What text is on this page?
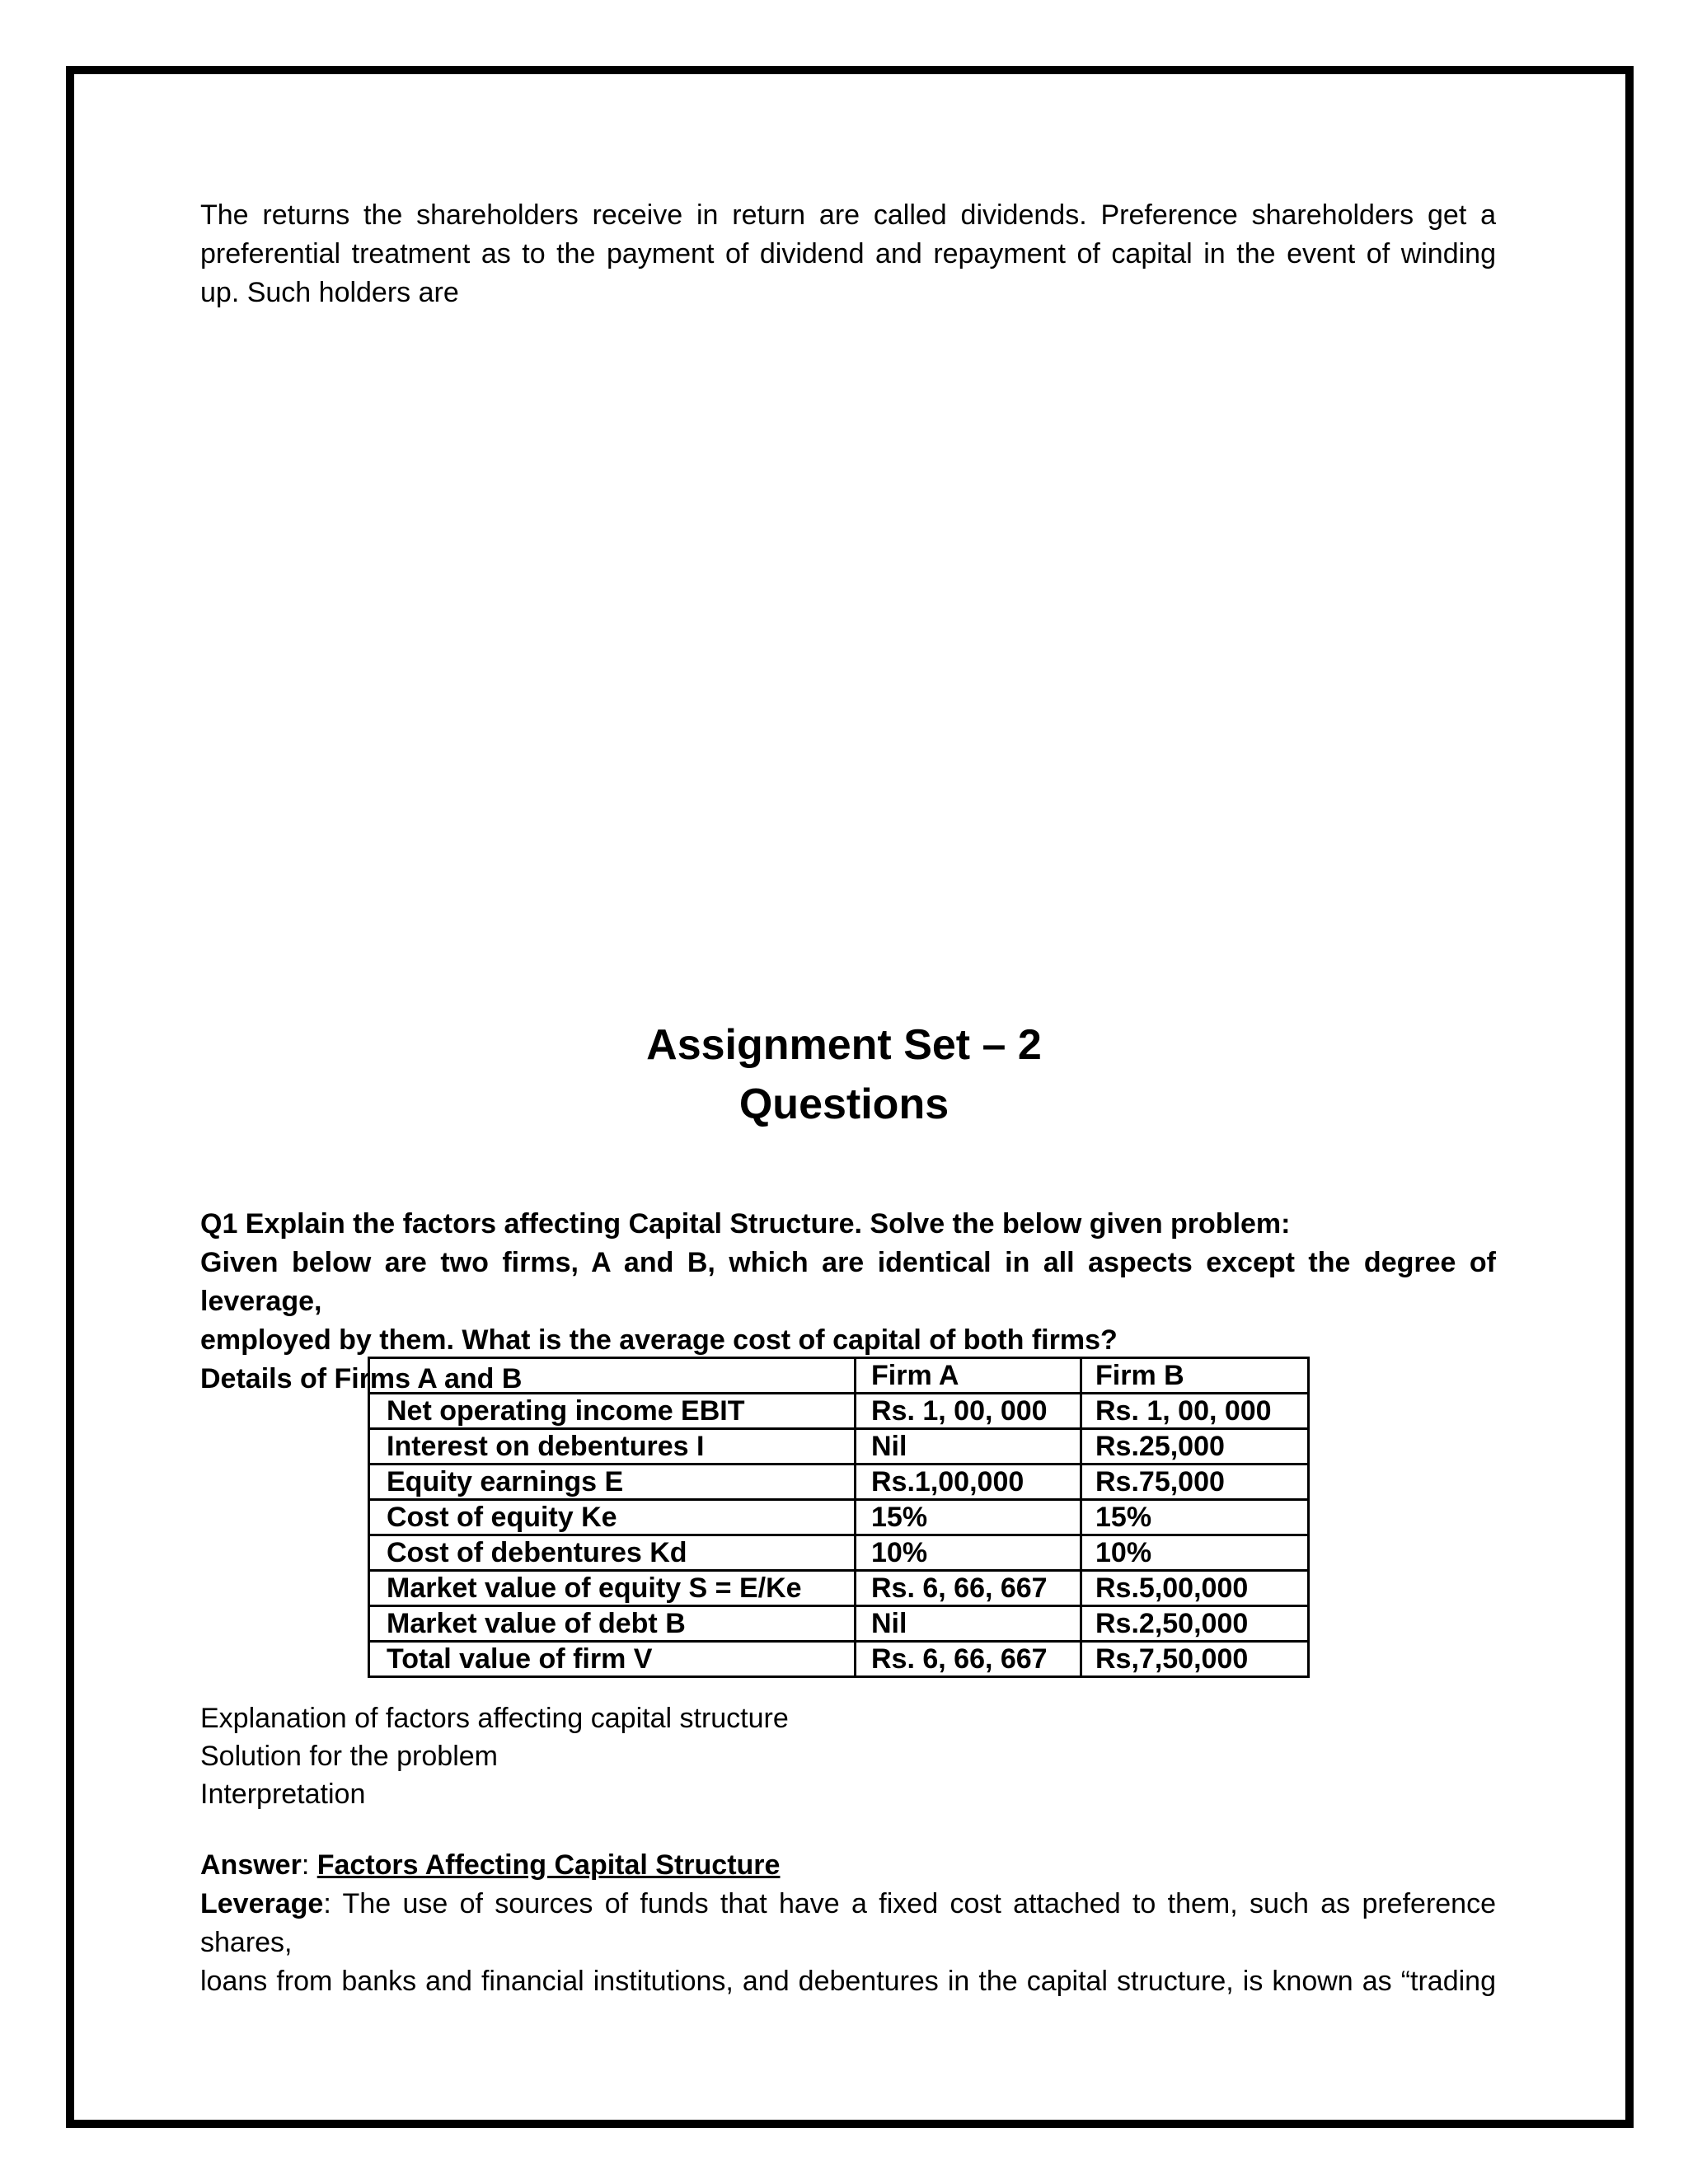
The returns the shareholders receive in return are called dividends. Preference shareholders get a

preferential treatment as to the payment of dividend and repayment of capital in the event of winding

up. Such holders are

Assignment Set – 2

Questions

Q1 Explain the factors affecting Capital Structure. Solve the below given problem:

Given below are two firms, A and B, which are identical in all aspects except the degree of leverage,

employed by them. What is the average cost of capital of both firms?

Details of Firms A and B

		Firm A	Firm B
Net operating income EBIT	Rs. 1, 00, 000	Rs. 1, 00, 000
Interest on debentures I	Nil	Rs.25,000
Equity earnings E	Rs.1,00,000	Rs.75,000
Cost of equity Ke	15%	15%
Cost of debentures Kd	10%	10%
Market value of equity S = E/Ke	Rs. 6, 66, 667	Rs.5,00,000
Market value of debt B	Nil	Rs.2,50,000
Total value of firm V	Rs. 6, 66, 667	Rs,7,50,000

Explanation of factors affecting capital structure

Solution for the problem

Interpretation

Answer: Factors Affecting Capital Structure

Leverage: The use of sources of funds that have a fixed cost attached to them, such as preference shares,

loans from banks and financial institutions, and debentures in the capital structure, is known as “trading
